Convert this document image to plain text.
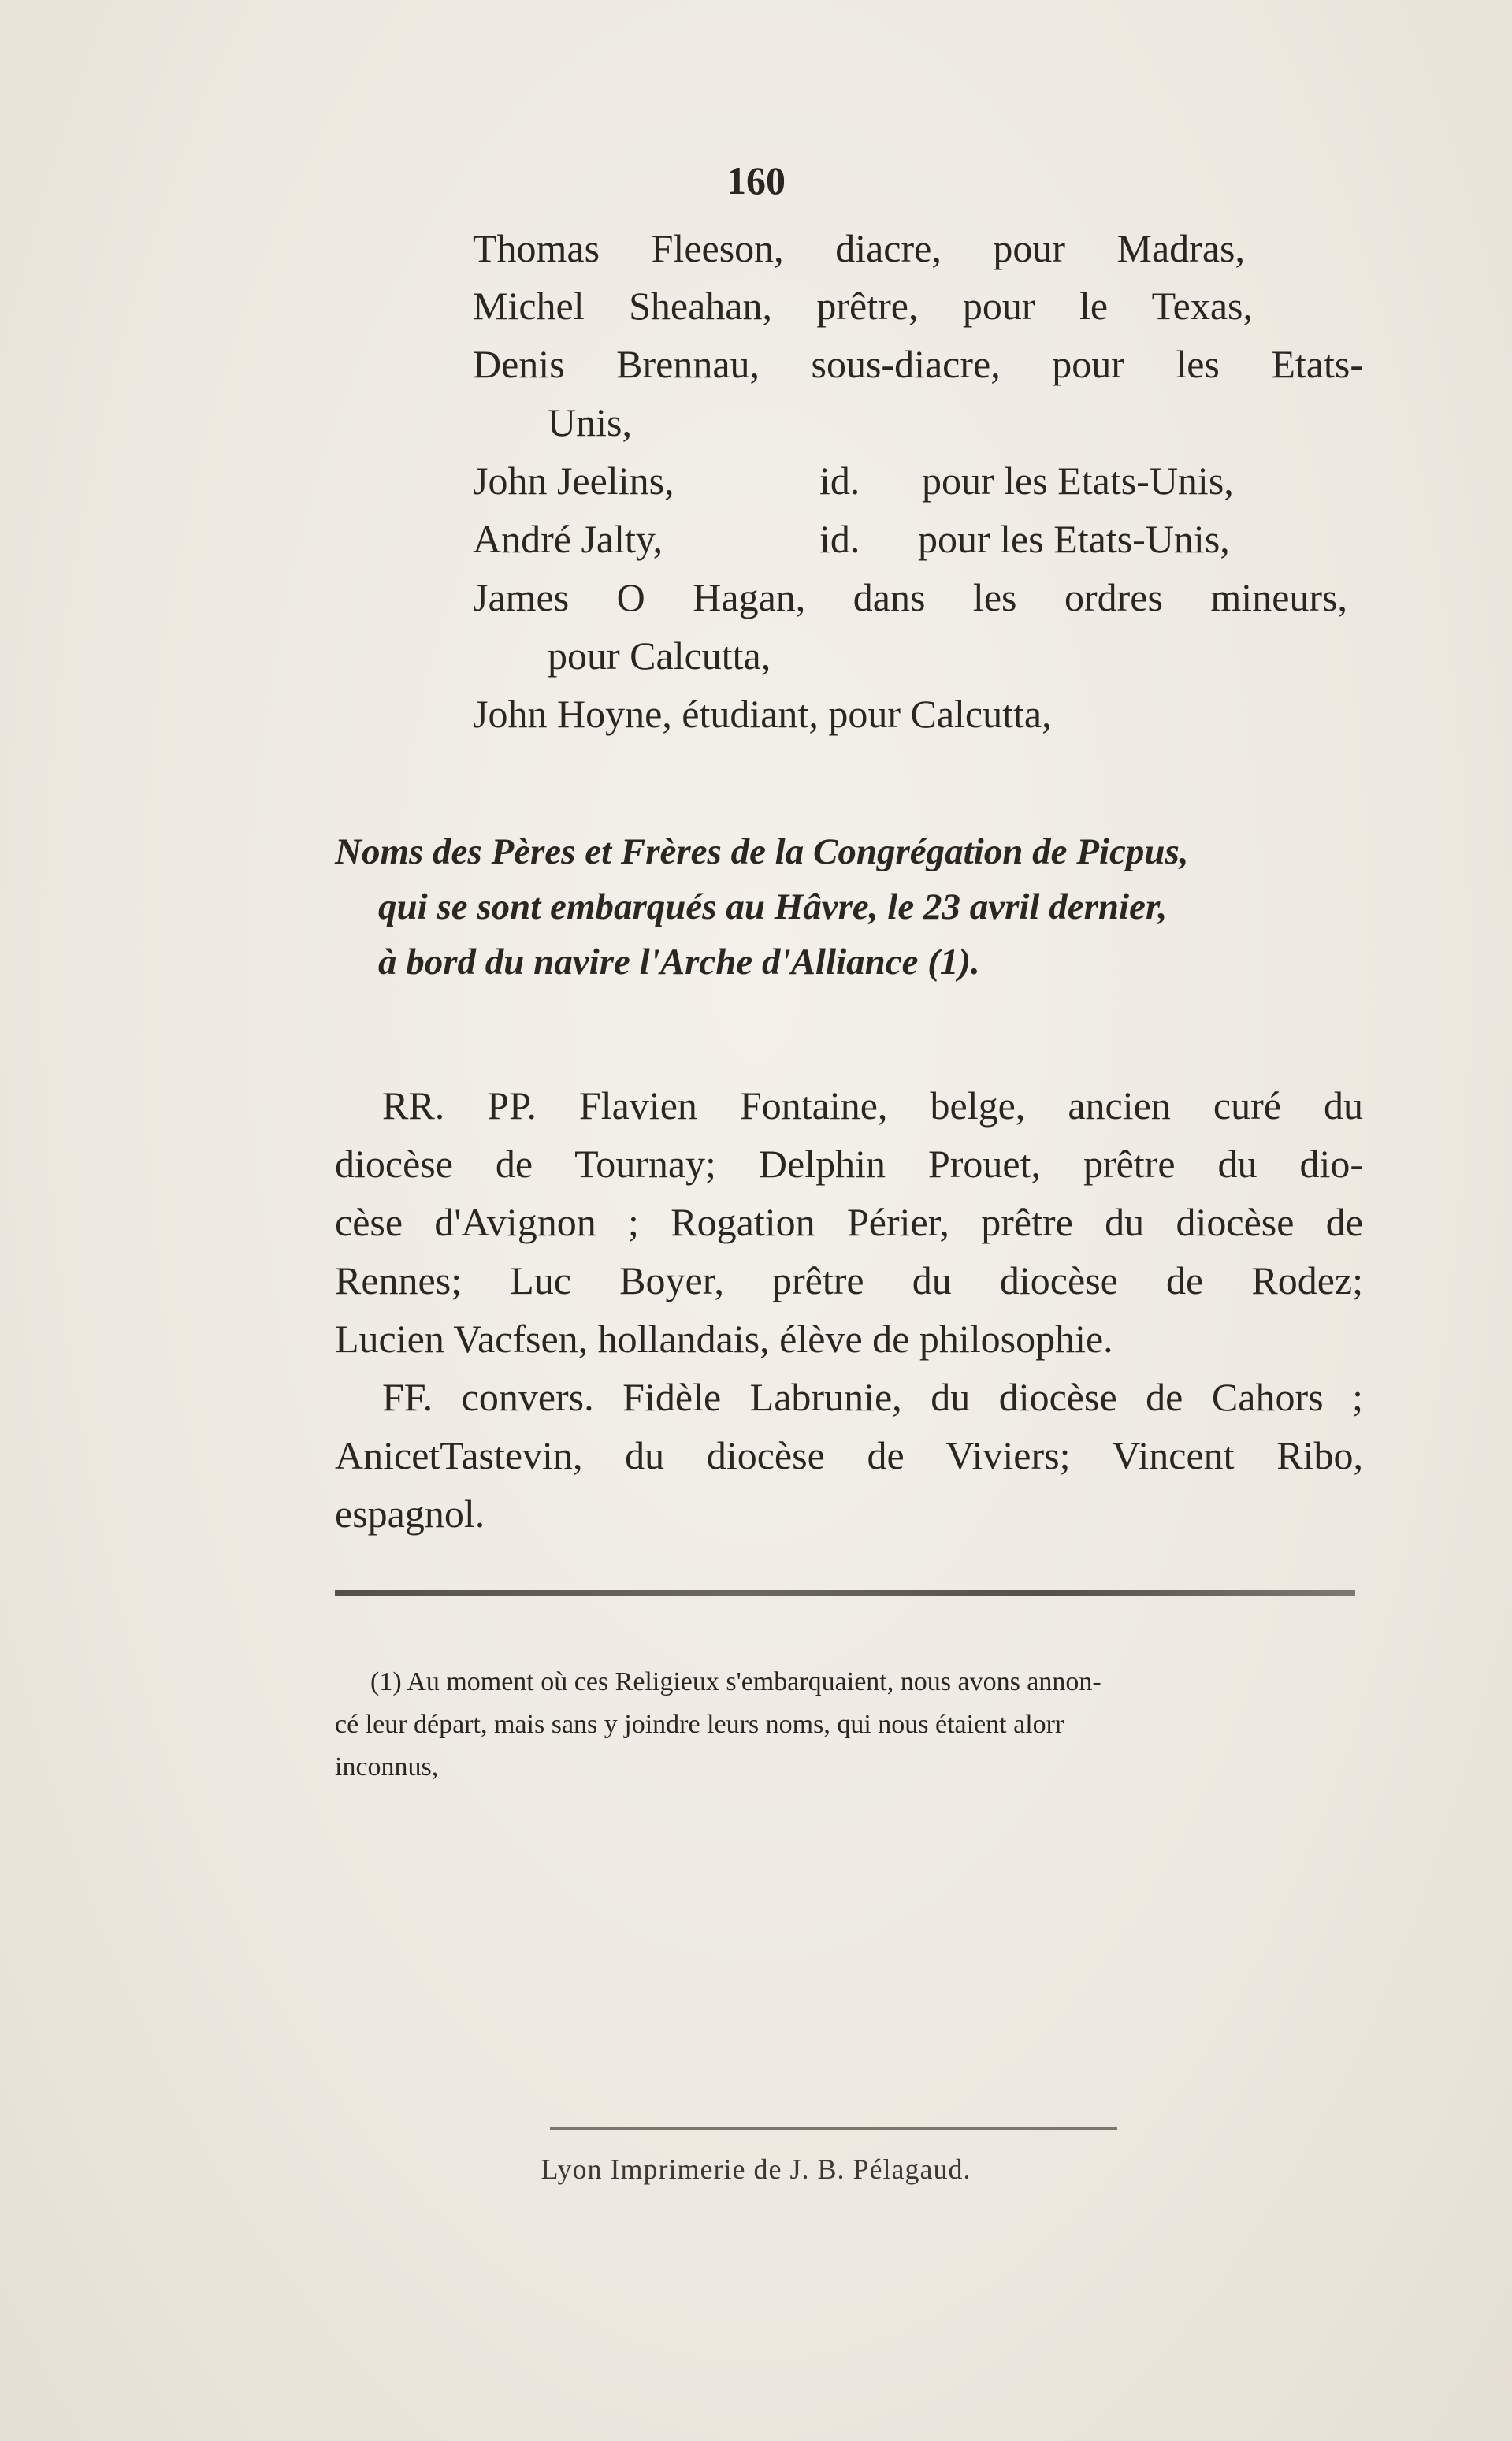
160
Thomas Fleeson, diacre, pour Madras,
Michel Sheahan, prêtre, pour le Texas,
Denis Brennau, sous-diacre, pour les Etats-
Unis,
John Jeelins,	id. pour les Etats-Unis,
André Jalty,	id. pour les Etats-Unis,
James O Hagan, dans les ordres mineurs,
pour Calcutta,
John Hoyne, étudiant, pour Calcutta,
Noms des Pères et Frères de la Congrégation de Picpus,
qui se sont embarqués au Hâvre, le 23 avril dernier,
à bord du navire l'Arche d'Alliance (1).
RR. PP. Flavien Fontaine, belge, ancien curé du
diocèse de Tournay; Delphin Prouet, prêtre du dio-
cèse d'Avignon ; Rogation Périer, prêtre du diocèse de
Rennes; Luc Boyer, prêtre du diocèse de Rodez;
Lucien Vacfsen, hollandais, élève de philosophie.
FF. convers. Fidèle Labrunie, du diocèse de Cahors ;
AnicetTastevin, du diocèse de Viviers; Vincent Ribo,
espagnol.
(1) Au moment où ces Religieux s'embarquaient, nous avons annon-
cé leur départ, mais sans y joindre leurs noms, qui nous étaient alorr
inconnus,
Lyon Imprimerie de J. B. Pélagaud.
